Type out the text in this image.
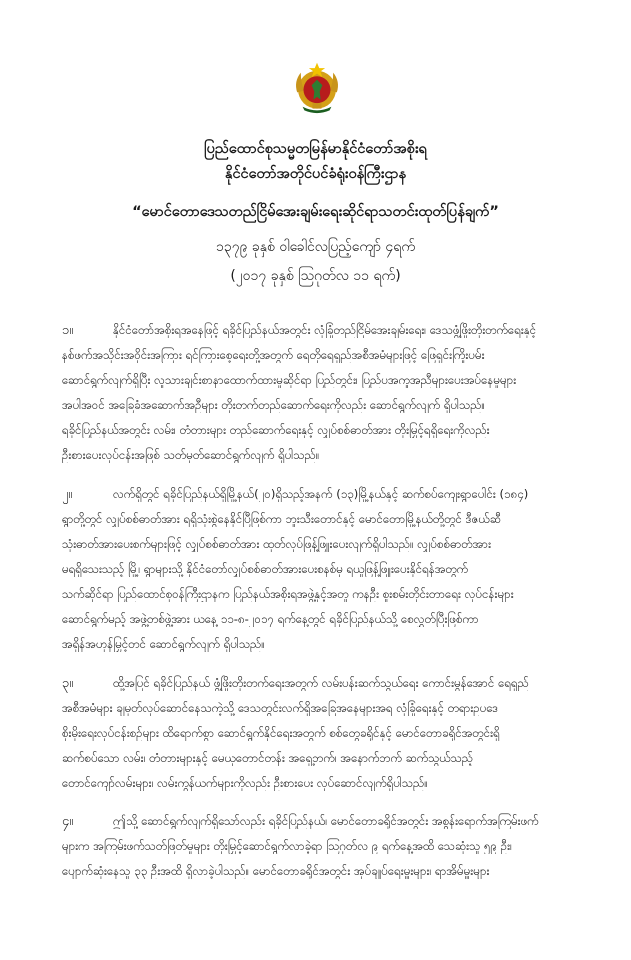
ပြည်ထောင်စုသမ္မတမြန်မာနိုင်ငံတော်အစိုးရ
နိုင်ငံတော်အတိုင်ပင်ခံရုံးဝန်ကြီးဌာန
“မောင်တောဒေသတည်ငြိမ်အေးချမ်းရေးဆိုင်ရာသတင်းထုတ်ပြန်ချက်”
၁၃၇၉ ခုနှစ် ဝါခေါင်လပြည့်ကျော် ၄ရက်
(၂၀၁၇ ခုနှစ် ဩဂုတ်လ ၁၁ ရက်)
၁။	နိုင်ငံတော်အစိုးရအနေဖြင့် ရခိုင်ပြည်နယ်အတွင်း လုံခြုံတည်ငြိမ်အေးချမ်းရေး၊ ဒေသဖွံ့ဖြိုးတိုးတက်ရေးနှင့်
နစ်ဖက်အသိုင်းအဝိုင်းအကြား ရင်ကြားစေ့ရေးတို့အတွက် ရေတိုရေရှည်အစီအမံများဖြင့် ဖြေရှင်းကြိုးပမ်း
ဆောင်ရွက်လျက်ရှိပြီး လူသားချင်းစာနာထောက်ထားမှုဆိုင်ရာ ပြည်တွင်း၊ ပြည်ပအကူအညီများပေးအပ်နေမှုများ
အပါအဝင် အခြေခံအဆောက်အဦများ တိုးတက်တည်ဆောက်ရေးကိုလည်း ဆောင်ရွက်လျက် ရှိပါသည်။
ရခိုင်ပြည်နယ်အတွင်း လမ်း၊ တံတားများ တည်ဆောက်ရေးနှင့် လျှပ်စစ်ဓာတ်အား တိုးမြှင့်ရရှိရေးကိုလည်း
ဦးစားပေးလုပ်ငန်းအဖြစ် သတ်မှတ်ဆောင်ရွက်လျက် ရှိပါသည်။
၂။	လက်ရှိတွင် ရခိုင်ပြည်နယ်ရှိမြို့နယ်(၂၀)ရှိသည့်အနက် (၁၃)မြို့နယ်နှင့် ဆက်စပ်ကျေးရွာပေါင်း (၁၈၄)
ရွာတို့တွင် လျှပ်စစ်ဓာတ်အား ရရှိသုံးစွဲနေနိုင်ပြီဖြစ်ကာ ဘူးသီးတောင်နှင့် မောင်တောမြို့နယ်တို့တွင် ဒီဇယ်ဆီ
သုံးဓာတ်အားပေးစက်များဖြင့် လျှပ်စစ်ဓာတ်အား ထုတ်လုပ်ဖြန့်ဖြူးပေးလျက်ရှိပါသည်။ လျှပ်စစ်ဓာတ်အား
မရရှိသေးသည့် မြို့၊ ရွာများသို့ နိုင်ငံတော်လျှပ်စစ်ဓာတ်အားပေးစနစ်မှ ရယူဖြန့်ဖြူးပေးနိုင်ရန်အတွက်
သက်ဆိုင်ရာ ပြည်ထောင်စုဝန်ကြီးဌာနက ပြည်နယ်အစိုးရအဖွဲ့နှင့်အတူ ကနဦး စူးစမ်းတိုင်းတာရေး လုပ်ငန်းများ
ဆောင်ရွက်မည့် အဖွဲ့တစ်ဖွဲ့အား ယနေ့ ၁၁-၈-၂၀၁၇ ရက်နေ့တွင် ရခိုင်ပြည်နယ်သို့ စေလွှတ်ပြီးဖြစ်ကာ
အရှိန်အဟုန်မြှင့်တင် ဆောင်ရွက်လျက် ရှိပါသည်။
၃။	ထို့အပြင် ရခိုင်ပြည်နယ် ဖွံ့ဖြိုးတိုးတက်ရေးအတွက် လမ်းပန်းဆက်သွယ်ရေး ကောင်းမွန်အောင် ရေရှည်
အစီအမံများ ချမှတ်လုပ်ဆောင်နေသကဲ့သို့ ဒေသတွင်းလက်ရှိအခြေအနေများအရ လုံခြုံရေးနှင့် တရားဥပဒေ
စိုးမိုးရေးလုပ်ငန်းစဉ်များ ထိရောက်စွာ ဆောင်ရွက်နိုင်ရေးအတွက် စစ်တွေခရိုင်နှင့် မောင်တောခရိုင်အတွင်းရှိ
ဆက်စပ်သော လမ်း၊ တံတားများနှင့် မေယုတောင်တန်း အရှေ့ဘက်၊ အနောက်ဘက် ဆက်သွယ်သည့်
တောင်ကျော်လမ်းများ၊ လမ်းကွန်ယက်များကိုလည်း ဦးစားပေး လုပ်ဆောင်လျက်ရှိပါသည်။
၄။	ဤသို့ ဆောင်ရွက်လျက်ရှိသော်လည်း ရခိုင်ပြည်နယ်၊ မောင်တောခရိုင်အတွင်း အစွန်းရောက်အကြမ်းဖက်
များက အကြမ်းဖက်သတ်ဖြတ်မှုများ တိုးမြှင့်ဆောင်ရွက်လာခဲ့ရာ ဩဂုတ်လ ၉ ရက်နေ့အထိ သေဆုံးသူ ၅၉ ဦး၊
ပျောက်ဆုံးနေသူ ၃၃ ဦးအထိ ရှိလာခဲ့ပါသည်။ မောင်တောခရိုင်အတွင်း အုပ်ချုပ်ရေးမှူးများ၊ ရာအိမ်မှူးများ
